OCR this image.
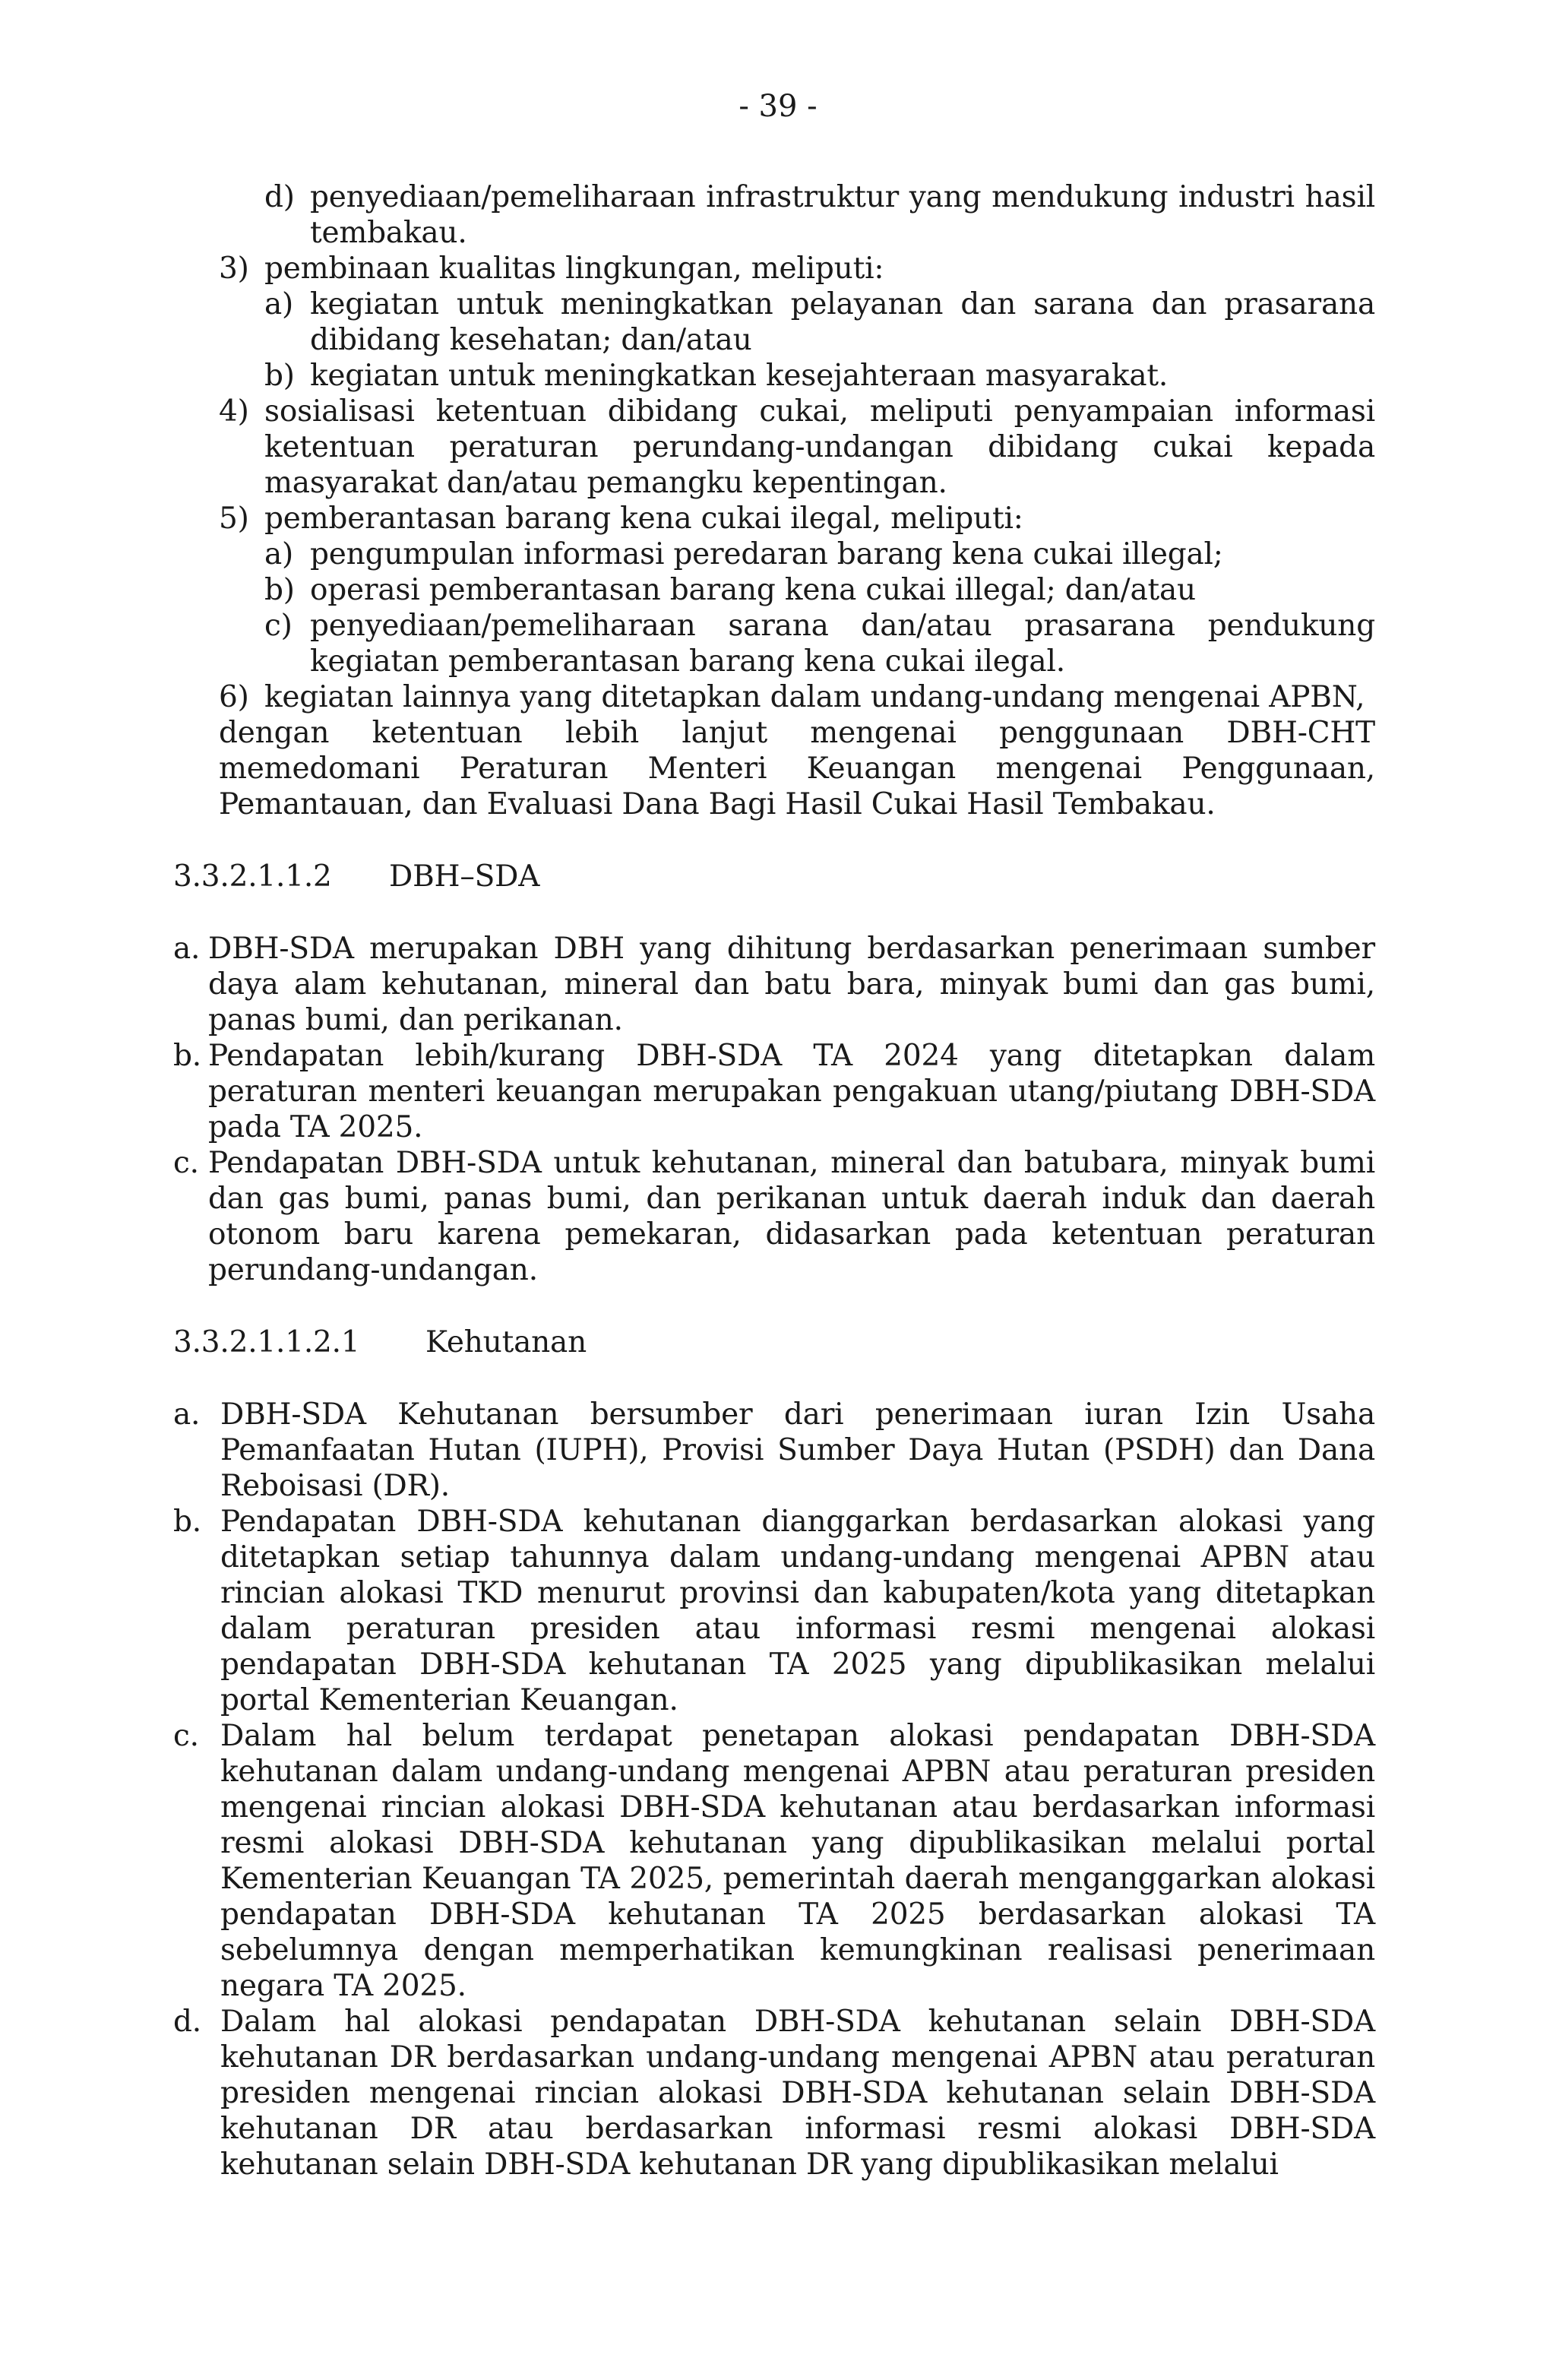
- 39 -
d) penyediaan/pemeliharaan infrastruktur yang mendukung industri hasil tembakau.
3) pembinaan kualitas lingkungan, meliputi:
a) kegiatan untuk meningkatkan pelayanan dan sarana dan prasarana dibidang kesehatan; dan/atau
b) kegiatan untuk meningkatkan kesejahteraan masyarakat.
4) sosialisasi ketentuan dibidang cukai, meliputi penyampaian informasi ketentuan peraturan perundang-undangan dibidang cukai kepada masyarakat dan/atau pemangku kepentingan.
5) pemberantasan barang kena cukai ilegal, meliputi:
a) pengumpulan informasi peredaran barang kena cukai illegal;
b) operasi pemberantasan barang kena cukai illegal; dan/atau
c) penyediaan/pemeliharaan sarana dan/atau prasarana pendukung kegiatan pemberantasan barang kena cukai ilegal.
6) kegiatan lainnya yang ditetapkan dalam undang-undang mengenai APBN,
dengan ketentuan lebih lanjut mengenai penggunaan DBH-CHT memedomani Peraturan Menteri Keuangan mengenai Penggunaan, Pemantauan, dan Evaluasi Dana Bagi Hasil Cukai Hasil Tembakau.
3.3.2.1.1.2	DBH–SDA
a. DBH-SDA merupakan DBH yang dihitung berdasarkan penerimaan sumber daya alam kehutanan, mineral dan batu bara, minyak bumi dan gas bumi, panas bumi, dan perikanan.
b. Pendapatan lebih/kurang DBH-SDA TA 2024 yang ditetapkan dalam peraturan menteri keuangan merupakan pengakuan utang/piutang DBH-SDA pada TA 2025.
c. Pendapatan DBH-SDA untuk kehutanan, mineral dan batubara, minyak bumi dan gas bumi, panas bumi, dan perikanan untuk daerah induk dan daerah otonom baru karena pemekaran, didasarkan pada ketentuan peraturan perundang-undangan.
3.3.2.1.1.2.1	Kehutanan
a. DBH-SDA Kehutanan bersumber dari penerimaan iuran Izin Usaha Pemanfaatan Hutan (IUPH), Provisi Sumber Daya Hutan (PSDH) dan Dana Reboisasi (DR).
b. Pendapatan DBH-SDA kehutanan dianggarkan berdasarkan alokasi yang ditetapkan setiap tahunnya dalam undang-undang mengenai APBN atau rincian alokasi TKD menurut provinsi dan kabupaten/kota yang ditetapkan dalam peraturan presiden atau informasi resmi mengenai alokasi pendapatan DBH-SDA kehutanan TA 2025 yang dipublikasikan melalui portal Kementerian Keuangan.
c. Dalam hal belum terdapat penetapan alokasi pendapatan DBH-SDA kehutanan dalam undang-undang mengenai APBN atau peraturan presiden mengenai rincian alokasi DBH-SDA kehutanan atau berdasarkan informasi resmi alokasi DBH-SDA kehutanan yang dipublikasikan melalui portal Kementerian Keuangan TA 2025, pemerintah daerah menganggarkan alokasi pendapatan DBH-SDA kehutanan TA 2025 berdasarkan alokasi TA sebelumnya dengan memperhatikan kemungkinan realisasi penerimaan negara TA 2025.
d. Dalam hal alokasi pendapatan DBH-SDA kehutanan selain DBH-SDA kehutanan DR berdasarkan undang-undang mengenai APBN atau peraturan presiden mengenai rincian alokasi DBH-SDA kehutanan selain DBH-SDA kehutanan DR atau berdasarkan informasi resmi alokasi DBH-SDA kehutanan selain DBH-SDA kehutanan DR yang dipublikasikan melalui
